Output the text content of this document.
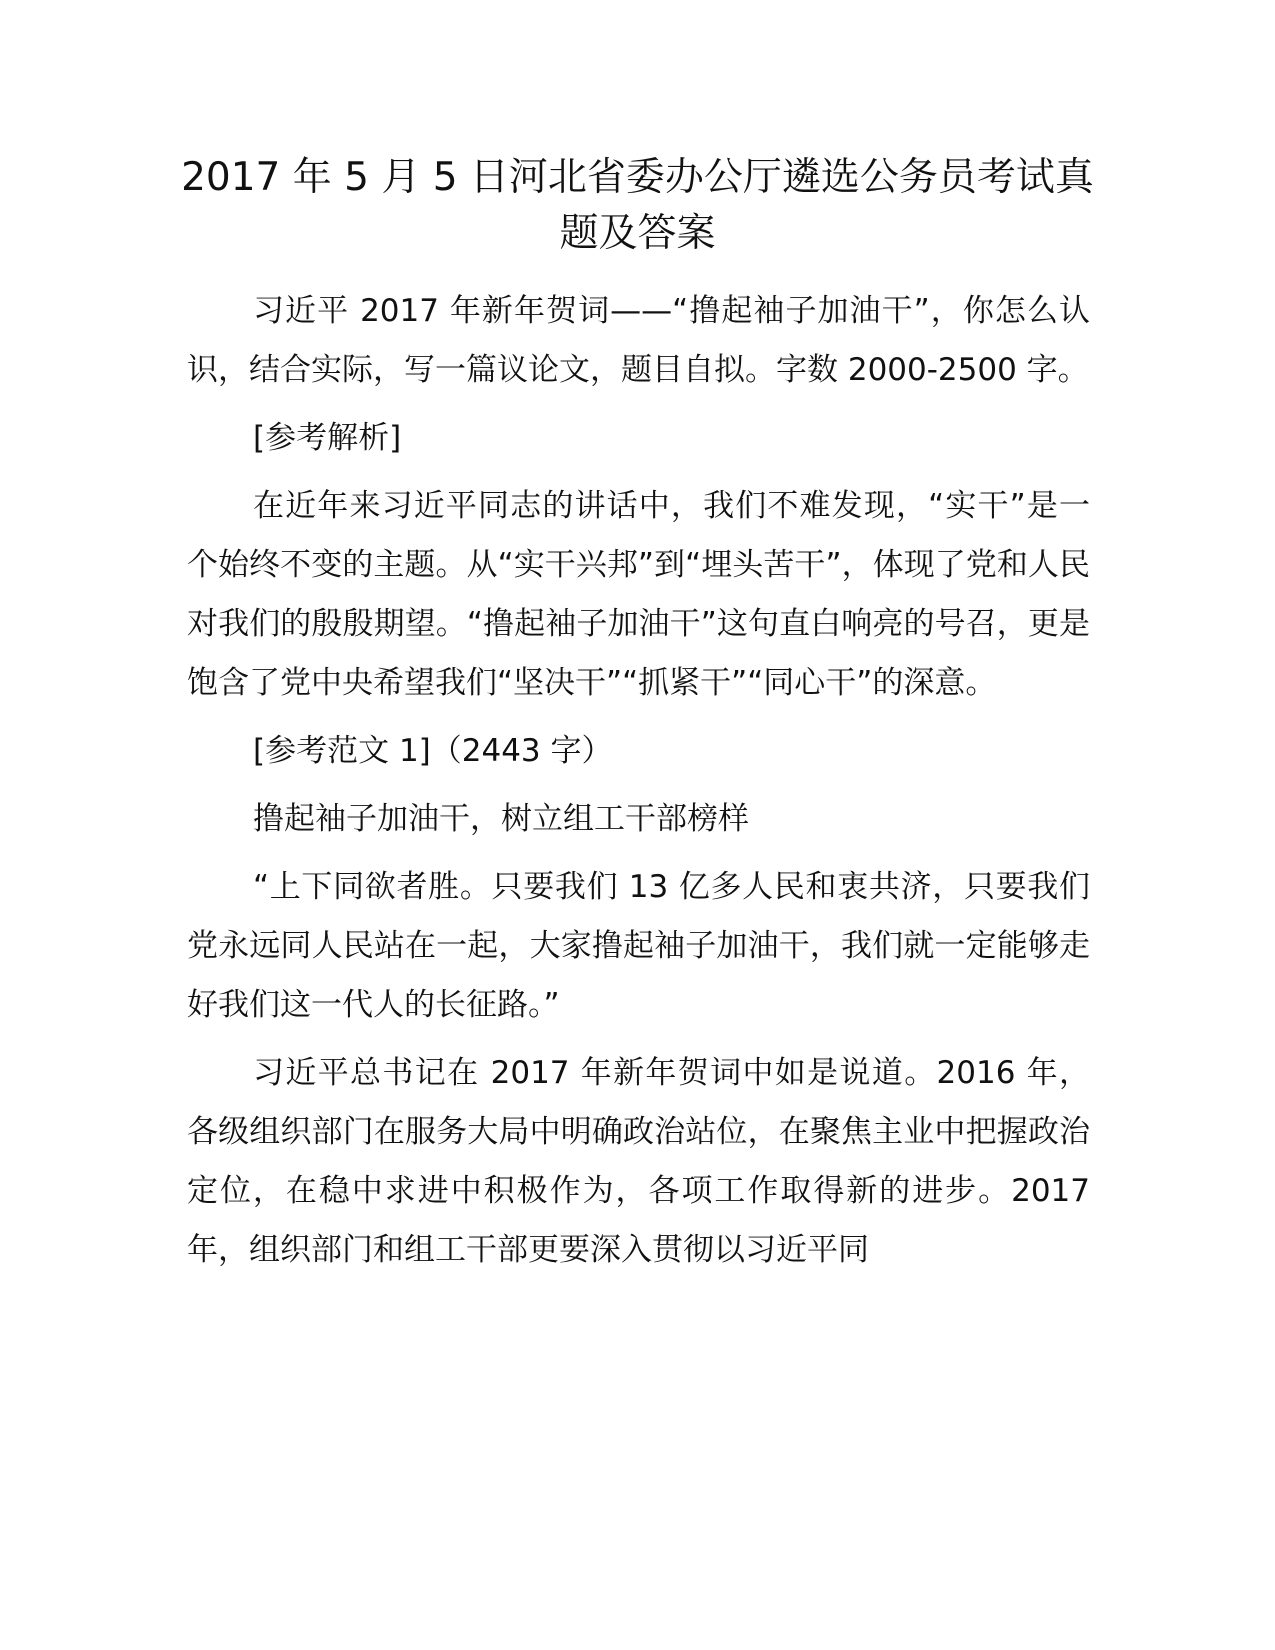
2017 年 5 月 5 日河北省委办公厅遴选公务员考试真题及答案

习近平 2017 年新年贺词——“撸起袖子加油干”，你怎么认识，结合实际，写一篇议论文，题目自拟。字数 2000-2500 字。

[参考解析]

在近年来习近平同志的讲话中，我们不难发现，“实干”是一个始终不变的主题。从“实干兴邦”到“埋头苦干”，体现了党和人民对我们的殷殷期望。“撸起袖子加油干”这句直白响亮的号召，更是饱含了党中央希望我们“坚决干”“抓紧干”“同心干”的深意。

[参考范文 1]（2443 字）

撸起袖子加油干，树立组工干部榜样

“上下同欲者胜。只要我们 13 亿多人民和衷共济，只要我们党永远同人民站在一起，大家撸起袖子加油干，我们就一定能够走好我们这一代人的长征路。”

习近平总书记在 2017 年新年贺词中如是说道。2016 年，各级组织部门在服务大局中明确政治站位，在聚焦主业中把握政治定位，在稳中求进中积极作为，各项工作取得新的进步。2017 年，组织部门和组工干部更要深入贯彻以习近平同
